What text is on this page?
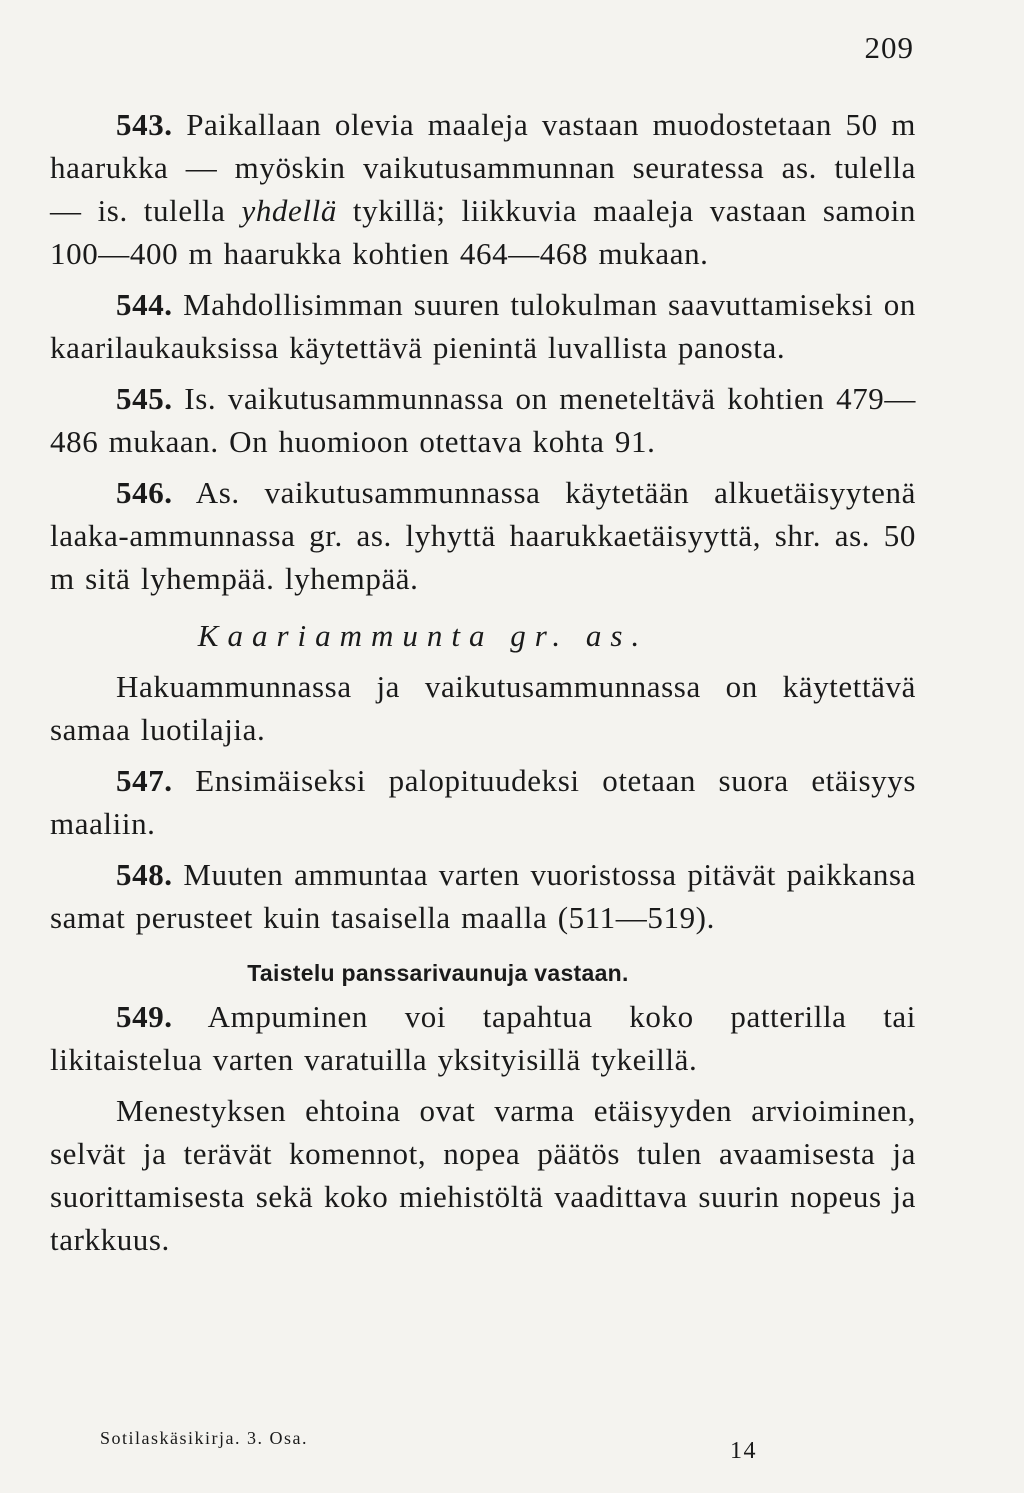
209

543. Paikallaan olevia maaleja vastaan muodostetaan 50 m haarukka — myöskin vaikutusammunnan seuratessa as. tulella — is. tulella yhdellä tykillä; liikkuvia maaleja vastaan samoin 100—400 m haarukka kohtien 464—468 mukaan.

544. Mahdollisimman suuren tulokulman saavuttamiseksi on kaarilaukauksissa käytettävä pienintä luvallista panosta.

545. Is. vaikutusammunnassa on meneteltävä kohtien 479—486 mukaan. On huomioon otettava kohta 91.

546. As. vaikutusammunnassa käytetään alkuetäisyytenä laaka-ammunnassa gr. as. lyhyttä haarukkaetäisyyttä, shr. as. 50 m sitä lyhempää. lyhempää.

Kaariammunta gr. as.

Hakuammunnassa ja vaikutusammunnassa on käytettävä samaa luotilajia.

547. Ensimäiseksi palopituudeksi otetaan suora etäisyys maaliin.

548. Muuten ammuntaa varten vuoristossa pitävät paikkansa samat perusteet kuin tasaisella maalla (511—519).

Taistelu panssarivaunuja vastaan.

549. Ampuminen voi tapahtua koko patterilla tai likitaistelua varten varatuilla yksityisillä tykeillä.

Menestyksen ehtoina ovat varma etäisyyden arvioiminen, selvät ja terävät komennot, nopea päätös tulen avaamisesta ja suorittamisesta sekä koko miehistöltä vaadittava suurin nopeus ja tarkkuus.

Sotilaskäsikirja. 3. Osa.	14
